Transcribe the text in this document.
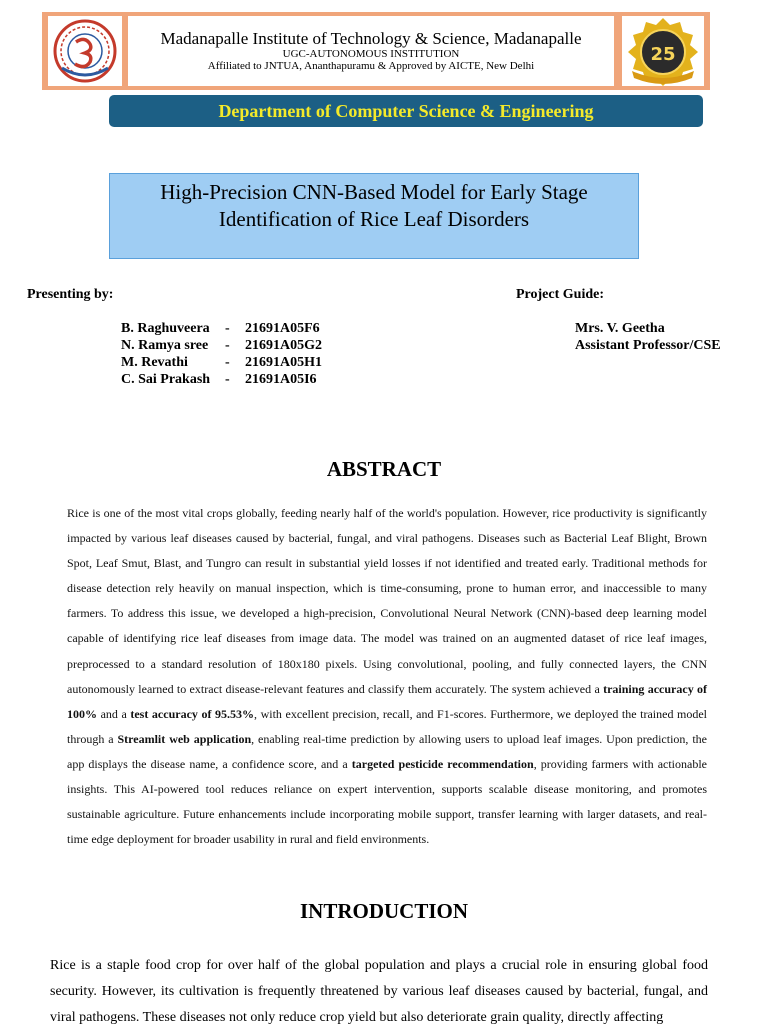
Madanapalle Institute of Technology & Science, Madanapalle
UGC-AUTONOMOUS INSTITUTION
Affiliated to JNTUA, Ananthapuramu & Approved by AICTE, New Delhi
25
Department of Computer Science & Engineering
High-Precision CNN-Based Model for Early Stage
Identification of Rice Leaf Disorders
Presenting by:	Project Guide:
B. Raghuveera - 21691A05F6
N. Ramya sree - 21691A05G2
M. Revathi	- 21691A05H1
C. Sai Prakash - 21691A05I6
Mrs. V. Geetha
Assistant Professor/CSE
ABSTRACT
Rice is one of the most vital crops globally, feeding nearly half of the world's population. However, rice productivity is significantly impacted by various leaf diseases caused by bacterial, fungal, and viral pathogens. Diseases such as Bacterial Leaf Blight, Brown Spot, Leaf Smut, Blast, and Tungro can result in substantial yield losses if not identified and treated early. Traditional methods for disease detection rely heavily on manual inspection, which is time-consuming, prone to human error, and inaccessible to many farmers. To address this issue, we developed a high-precision, Convolutional Neural Network (CNN)-based deep learning model capable of identifying rice leaf diseases from image data. The model was trained on an augmented dataset of rice leaf images, preprocessed to a standard resolution of 180x180 pixels. Using convolutional, pooling, and fully connected layers, the CNN autonomously learned to extract disease-relevant features and classify them accurately. The system achieved a training accuracy of 100% and a test accuracy of 95.53%, with excellent precision, recall, and F1-scores. Furthermore, we deployed the trained model through a Streamlit web application, enabling real-time prediction by allowing users to upload leaf images. Upon prediction, the app displays the disease name, a confidence score, and a targeted pesticide recommendation, providing farmers with actionable insights. This AI-powered tool reduces reliance on expert intervention, supports scalable disease monitoring, and promotes sustainable agriculture. Future enhancements include incorporating mobile support, transfer learning with larger datasets, and real-time edge deployment for broader usability in rural and field environments.
INTRODUCTION
Rice is a staple food crop for over half of the global population and plays a crucial role in ensuring global food security. However, its cultivation is frequently threatened by various leaf diseases caused by bacterial, fungal, and viral pathogens. These diseases not only reduce crop yield but also deteriorate grain quality, directly affecting
